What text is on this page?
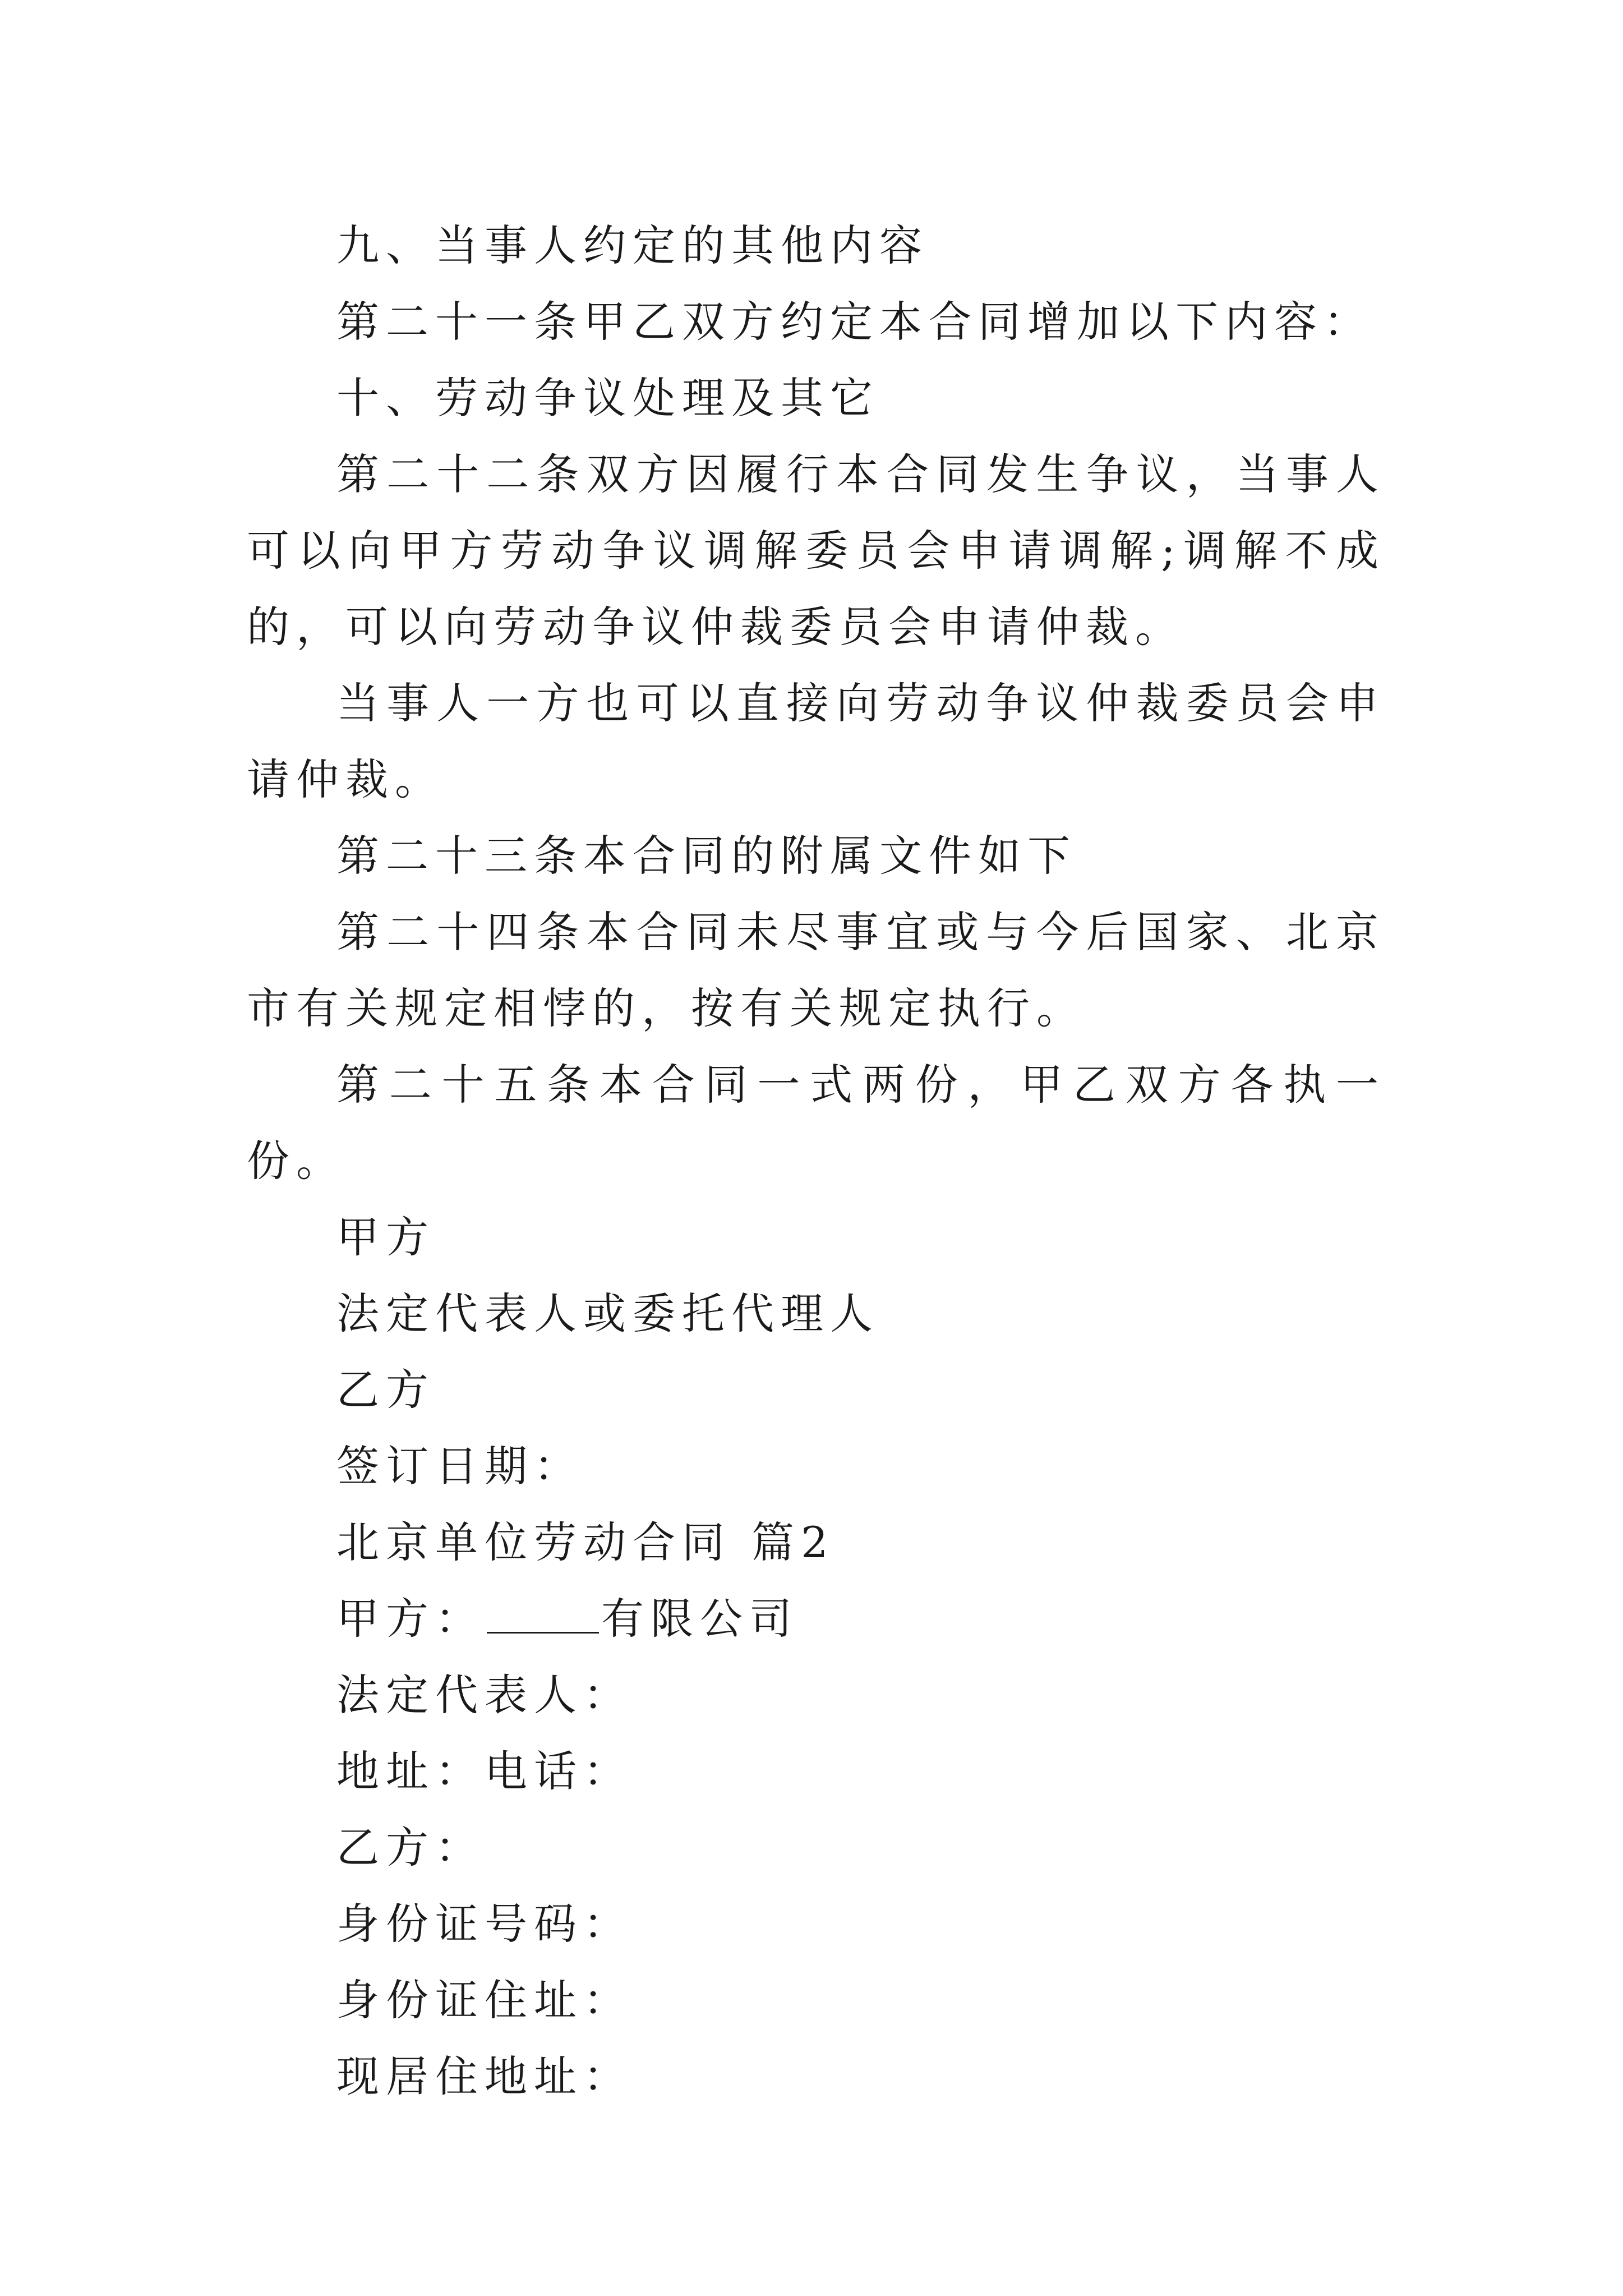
九、当事人约定的其他内容

第二十一条甲乙双方约定本合同增加以下内容：

十、劳动争议处理及其它

第二十二条双方因履行本合同发生争议，当事人可以向甲方劳动争议调解委员会申请调解;调解不成的，可以向劳动争议仲裁委员会申请仲裁。

当事人一方也可以直接向劳动争议仲裁委员会申请仲裁。

第二十三条本合同的附属文件如下

第二十四条本合同未尽事宜或与今后国家、北京市有关规定相悖的，按有关规定执行。

第二十五条本合同一式两份，甲乙双方各执一份。

甲方

法定代表人或委托代理人

乙方

签订日期：

北京单位劳动合同 篇2

甲方：	有限公司

法定代表人：

地址：电话：

乙方：

身份证号码：

身份证住址：

现居住地址：
